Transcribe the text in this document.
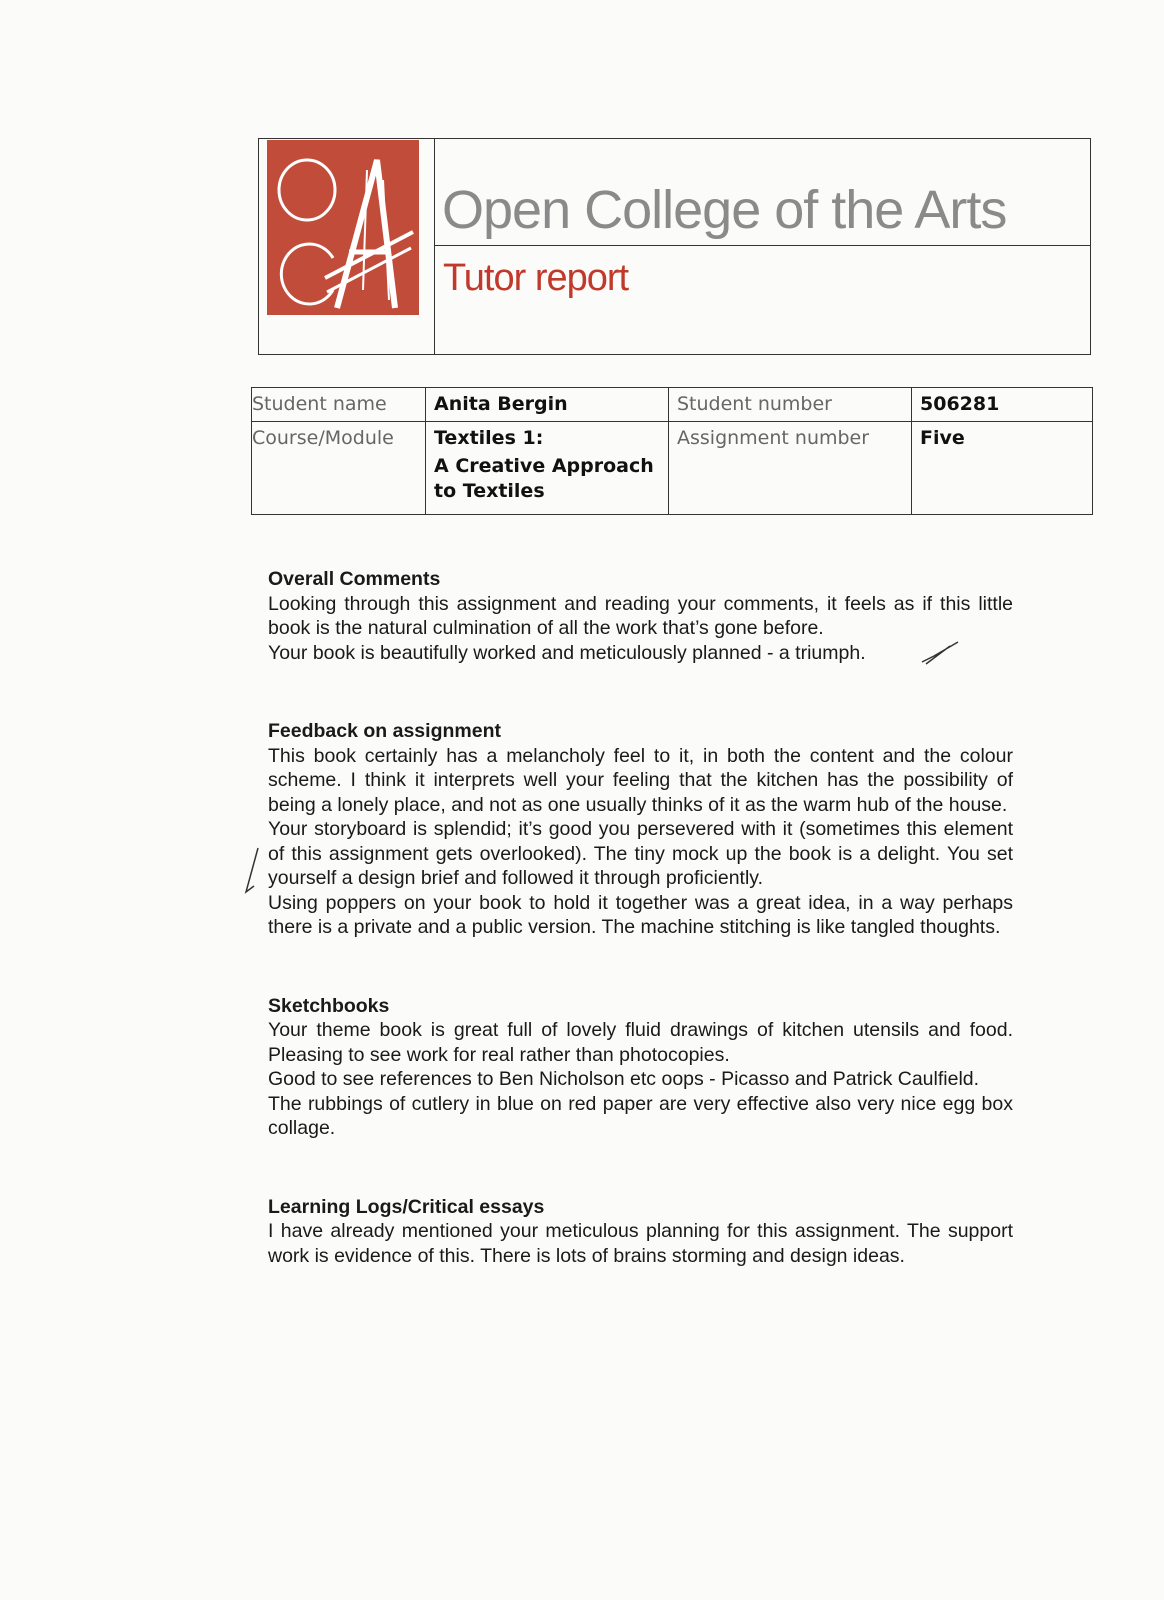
Open College of the Arts
Tutor report
Student name	Anita Bergin	Student number	506281
Course/Module	Textiles 1:
A Creative Approach
to Textiles	Assignment number	Five

Overall Comments

Looking through this assignment and reading your comments, it feels as if this little book is the natural culmination of all the work that’s gone before.

Your book is beautifully worked and meticulously planned - a triumph.

Feedback on assignment

This book certainly has a melancholy feel to it, in both the content and the colour scheme. I think it interprets well your feeling that the kitchen has the possibility of being a lonely place, and not as one usually thinks of it as the warm hub of the house.

Your storyboard is splendid; it’s good you persevered with it (sometimes this element of this assignment gets overlooked). The tiny mock up the book is a delight. You set yourself a design brief and followed it through proficiently.

Using poppers on your book to hold it together was a great idea, in a way perhaps there is a private and a public version. The machine stitching is like tangled thoughts.

Sketchbooks

Your theme book is great full of lovely fluid drawings of kitchen utensils and food. Pleasing to see work for real rather than photocopies.

Good to see references to Ben Nicholson etc oops - Picasso and Patrick Caulfield.

The rubbings of cutlery in blue on red paper are very effective also very nice egg box collage.

Learning Logs/Critical essays

I have already mentioned your meticulous planning for this assignment. The support work is evidence of this. There is lots of brains storming and design ideas.
